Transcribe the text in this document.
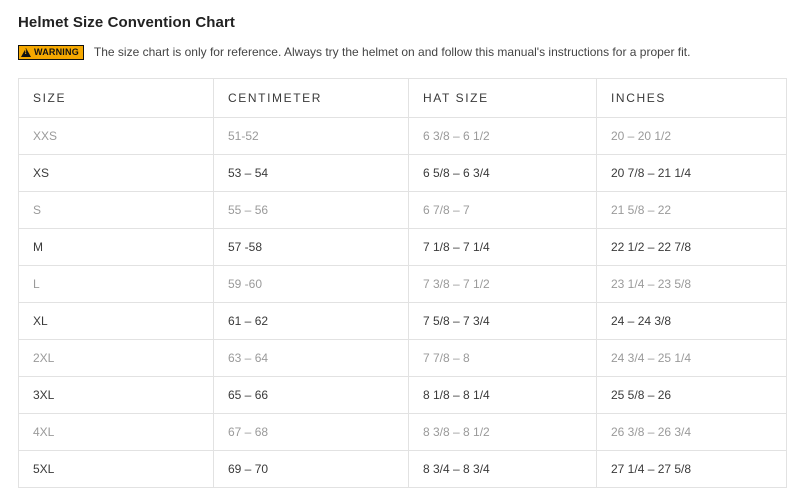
Helmet Size Convention Chart
!
WARNING The size chart is only for reference. Always try the helmet on and follow this manual's instructions for a proper fit.
SIZE	CENTIMETER	HAT SIZE	INCHES
XXS	51-52	6 3/8 – 6 1/2	20 – 20 1/2
XS	53 – 54	6 5/8 – 6 3/4	20 7/8 – 21 1/4
S	55 – 56	6 7/8 – 7	21 5/8 – 22
M	57 -58	7 1/8 – 7 1/4	22 1/2 – 22 7/8
L	59 -60	7 3/8 – 7 1/2	23 1/4 – 23 5/8
XL	61 – 62	7 5/8 – 7 3/4	24 – 24 3/8
2XL	63 – 64	7 7/8 – 8	24 3/4 – 25 1/4
3XL	65 – 66	8 1/8 – 8 1/4	25 5/8 – 26
4XL	67 – 68	8 3/8 – 8 1/2	26 3/8 – 26 3/4
5XL	69 – 70	8 3/4 – 8 3/4	27 1/4 – 27 5/8
